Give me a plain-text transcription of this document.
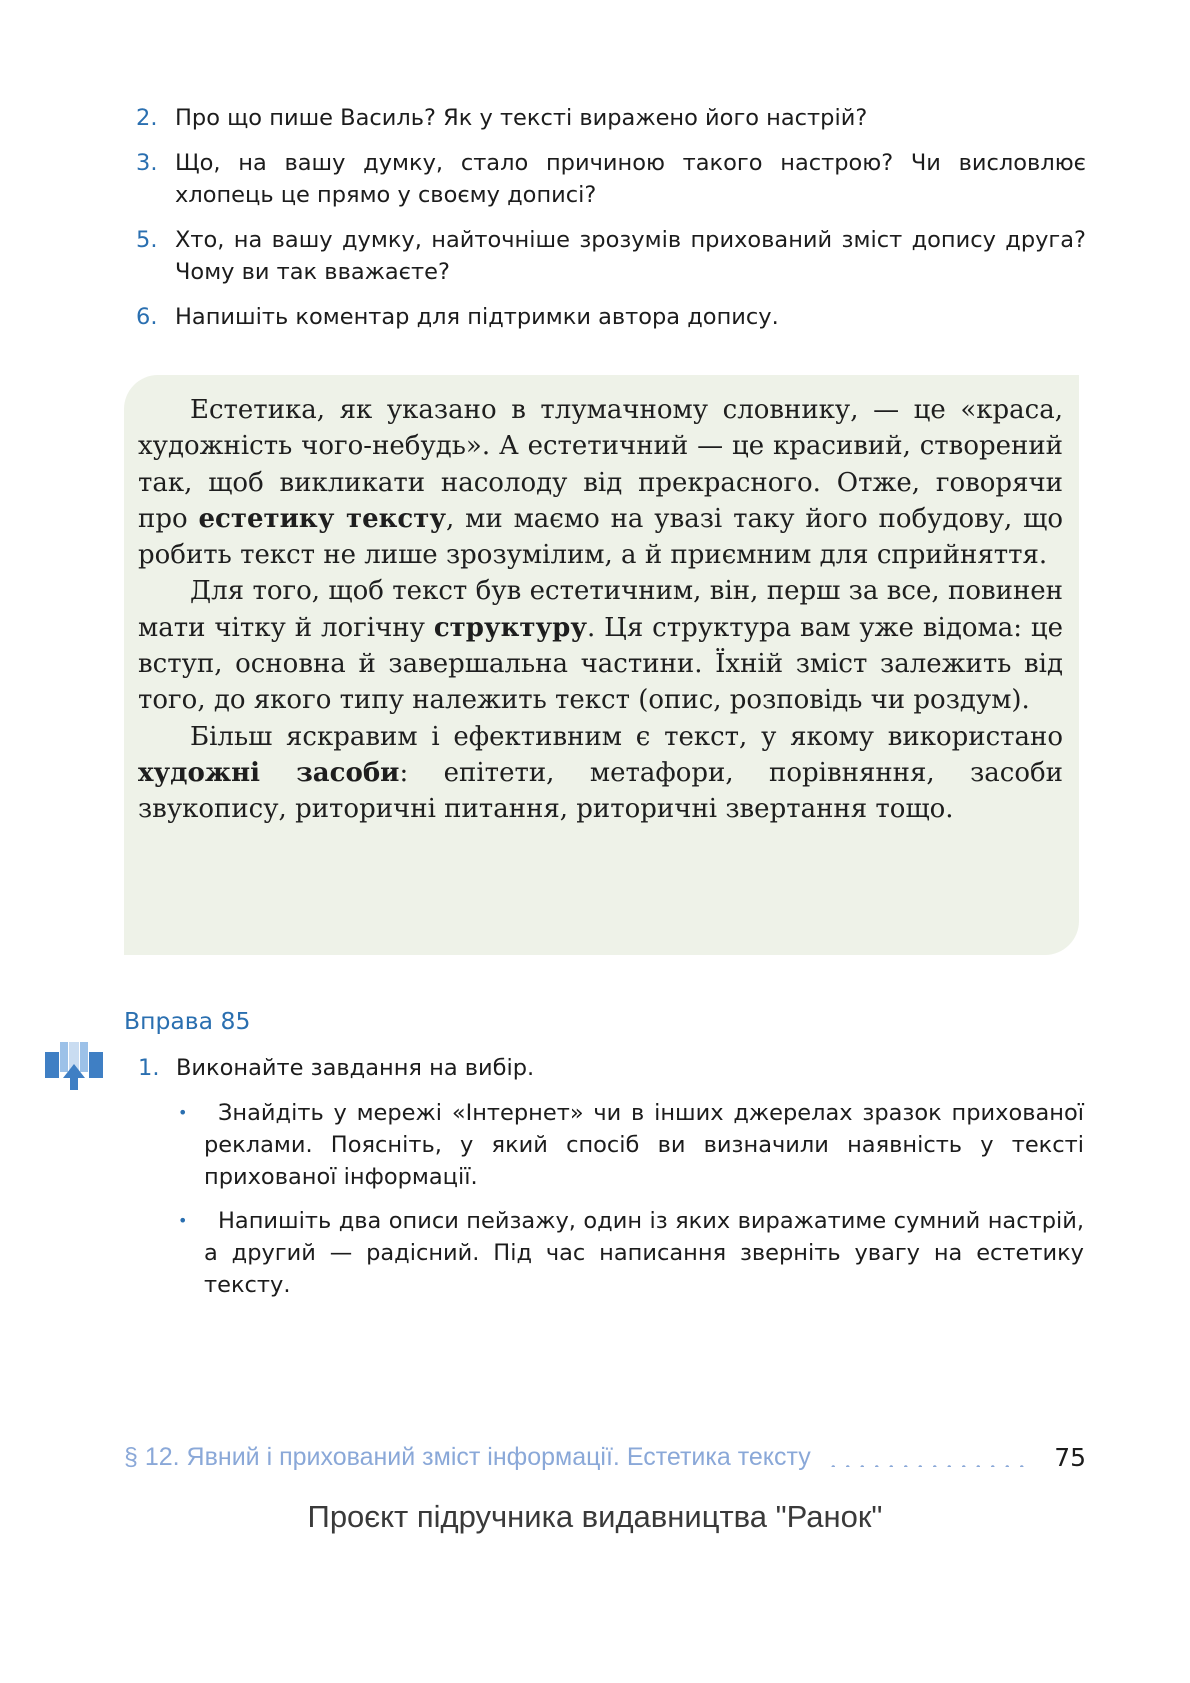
2. Про що пише Василь? Як у тексті виражено його настрій?
3. Що, на вашу думку, стало причиною такого настрою? Чи висловлює хлопець це прямо у своєму дописі?
5. Хто, на вашу думку, найточніше зрозумів прихований зміст допису друга? Чому ви так вважаєте?
6. Напишіть коментар для підтримки автора допису.

Естетика, як указано в тлумачному словнику, — це «краса, художність чого-небудь». А естетичний — це красивий, створений так, щоб викликати насолоду від прекрасного. Отже, говорячи про естетику тексту, ми маємо на увазі таку його побудову, що робить текст не лише зрозумілим, а й приємним для сприйняття.

Для того, щоб текст був естетичним, він, перш за все, повинен мати чітку й логічну структуру. Ця структура вам уже відома: це вступ, основна й завершальна частини. Їхній зміст залежить від того, до якого типу належить текст (опис, розповідь чи роздум).

Більш яскравим і ефективним є текст, у якому використано художні засоби: епітети, метафори, порівняння, засоби звукопису, риторичні питання, риторичні звертання тощо.

Вправа 85
1. Виконайте завдання на вибір.
•	Знайдіть у мережі «Інтернет» чи в інших джерелах зразок прихованої реклами. Поясніть, у який спосіб ви визначили наявність у тексті прихованої інформації.
•	Напишіть два описи пейзажу, один із яких виражатиме сумний настрій, а другий — радісний. Під час написання зверніть увагу на естетику тексту.
§ 12. Явний і прихований зміст інформації. Естетика тексту	75
Проєкт підручника видавництва "Ранок"
